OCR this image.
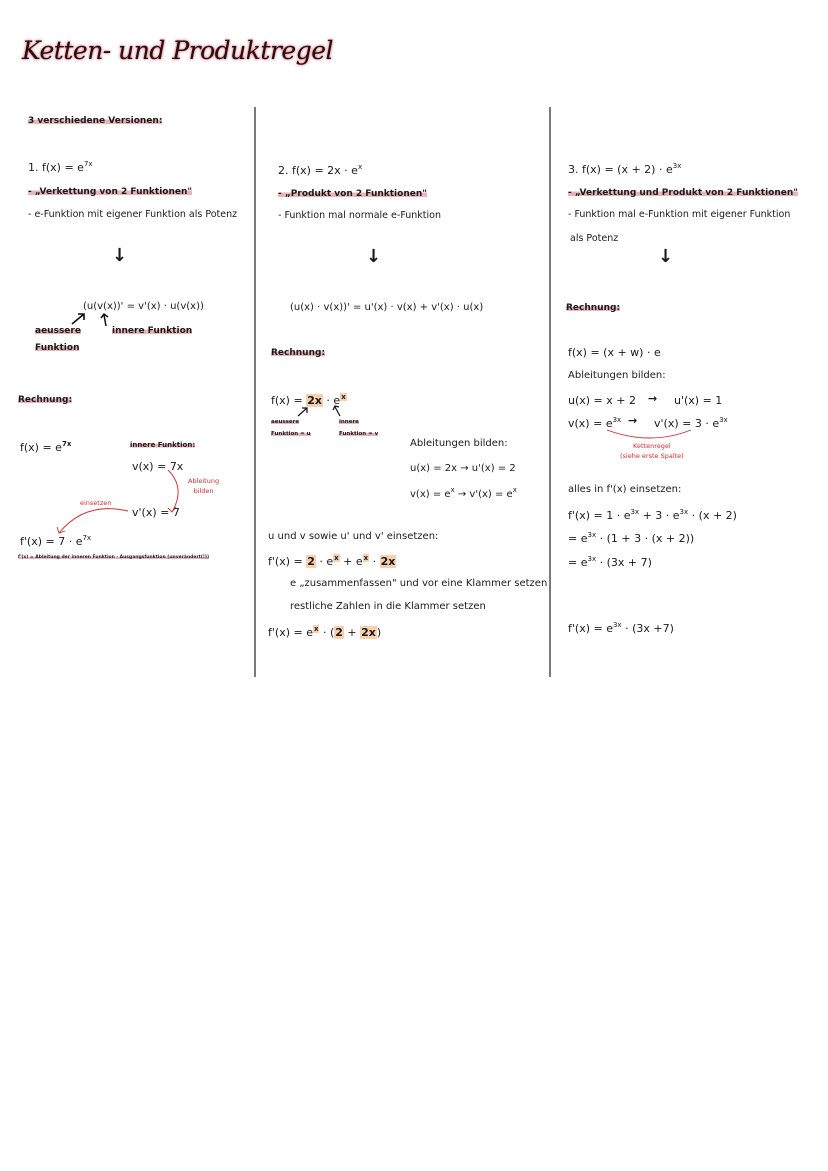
Ketten- und Produktregel
3 verschiedene Versionen:
1. $f(x) = e^{7x}$
- „Verkettung von 2 Funktionen"
- e-Funktion mit eigener Funktion als Potenz
↓
(u(v(x))' = v'(x) · u(v(x))
aeussere
Funktion
innere Funktion
Rechnung:
$f(x) = e^{7x}$	innere Funktion:
v(x) = 7x
Ableitung
bilden
einsetzen
v'(x) = 7
$f'(x) = 7 \cdot e^{7x}$
f'(x) = Ableitung der inneren Funktion · Ausgangsfunktion (unverändert(!))
2. $f(x) = 2x \cdot e^x$
- „Produkt von 2 Funktionen"
- Funktion mal normale e-Funktion
↓
(u(x) · v(x))' = u'(x) · v(x) + v'(x) · u(x)
Rechnung:
$f(x) = 2x \cdot e^x$
aeussere
Funktion = u
innere
Funktion = v
Ableitungen bilden:
u(x) = 2x → u'(x) = 2
$v(x) = e^x \to v'(x) = e^x$
u und v sowie u' und v' einsetzen:
$f'(x) = 2 \cdot e^x + e^x \cdot 2x$
e „zusammenfassen" und vor eine Klammer setzen
restliche Zahlen in die Klammer setzen
$f'(x) = e^x \cdot (2 + 2x)$
3. $f(x) = (x + 2) \cdot e^{3x}$
- „Verkettung und Produkt von 2 Funktionen"
- Funktion mal e-Funktion mit eigener Funktion
als Potenz
↓
Rechnung:
f(x) = (x + w) · e
Ableitungen bilden:
u(x) = x + 2 → u'(x) = 1
$v(x) = e^{3x} \to v'(x) = 3 \cdot e^{3x}$
Kettenregel
(siehe erste Spalte)
alles in f'(x) einsetzen:
$f'(x) = 1 \cdot e^{3x} + 3 \cdot e^{3x} \cdot (x + 2)$
= $e^{3x} \cdot (1 + 3 \cdot (x + 2))$
= $e^{3x} \cdot (3x + 7)$
$f'(x) = e^{3x} \cdot (3x +7)$
